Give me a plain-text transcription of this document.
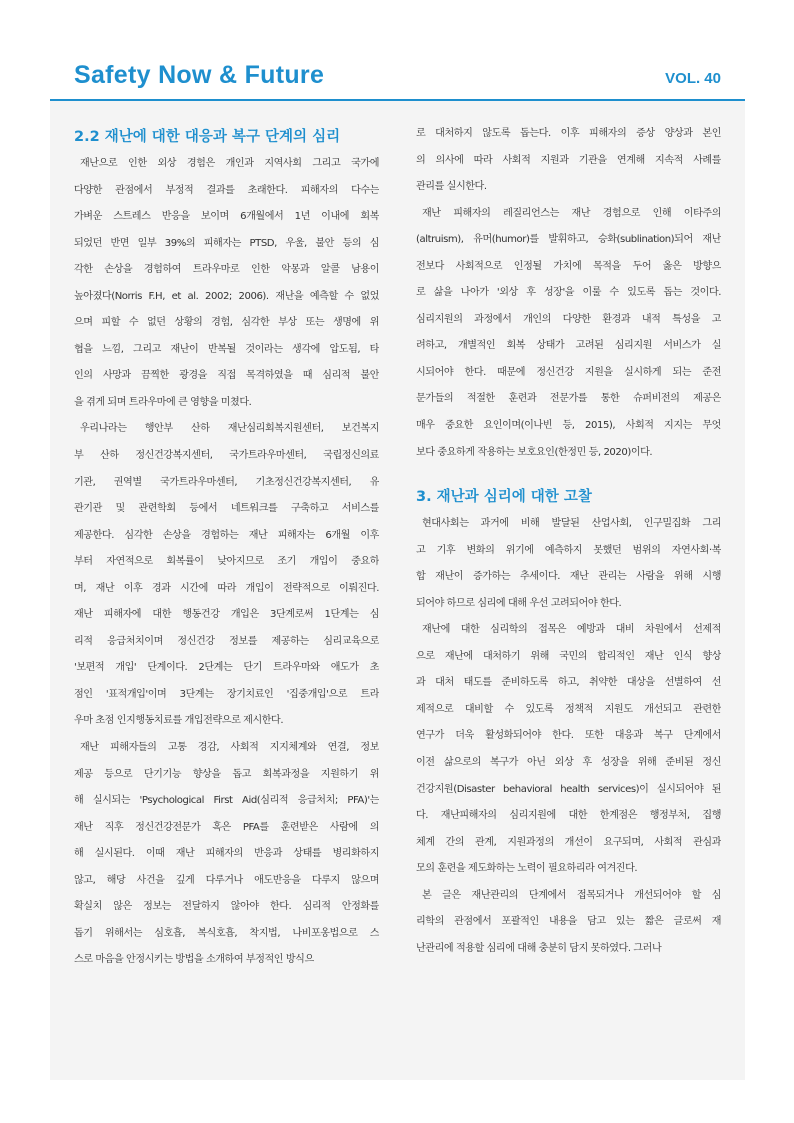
Safety Now & Future	VOL. 40
2.2 재난에 대한 대응과 복구 단계의 심리
재난으로 인한 외상 경험은 개인과 지역사회 그리고 국가에
다양한 관점에서 부정적 결과를 초래한다. 피해자의 다수는
가벼운 스트레스 반응을 보이며 6개월에서 1년 이내에 회복
되었던 반면 일부 39%의 피해자는 PTSD, 우울, 불안 등의 심
각한 손상을 경험하여 트라우마로 인한 악몽과 알콜 남용이
높아졌다(Norris F.H, et al. 2002; 2006). 재난을 예측할 수 없었
으며 피할 수 없던 상황의 경험, 심각한 부상 또는 생명에 위
협을 느낌, 그리고 재난이 반복될 것이라는 생각에 압도됨, 타
인의 사망과 끔찍한 광경을 직접 목격하였을 때 심리적 불안
을 겪게 되며 트라우마에 큰 영향을 미쳤다.
우리나라는 행안부 산하 재난심리회복지원센터, 보건복지
부 산하 정신건강복지센터, 국가트라우마센터, 국립정신의료
기관, 권역별 국가트라우마센터, 기초정신건강복지센터, 유
관기관 및 관련학회 등에서 네트워크를 구축하고 서비스를
제공한다. 심각한 손상을 경험하는 재난 피해자는 6개월 이후
부터 자연적으로 회복률이 낮아지므로 조기 개입이 중요하
며, 재난 이후 경과 시간에 따라 개입이 전략적으로 이뤄진다.
재난 피해자에 대한 행동건강 개입은 3단계로써 1단계는 심
리적 응급처치이며 정신건강 정보를 제공하는 심리교육으로
'보편적 개입' 단계이다. 2단계는 단기 트라우마와 애도가 초
점인 '표적개입'이며 3단계는 장기치료인 '집중개입'으로 트라
우마 초점 인지행동치료를 개입전략으로 제시한다.
재난 피해자들의 고통 경감, 사회적 지지체계와 연결, 정보
제공 등으로 단기기능 향상을 돕고 회복과정을 지원하기 위
해 실시되는 'Psychological First Aid(심리적 응급처치; PFA)'는
재난 직후 정신건강전문가 혹은 PFA를 훈련받은 사람에 의
해 실시된다. 이때 재난 피해자의 반응과 상태를 병리화하지
않고, 해당 사건을 깊게 다루거나 애도반응을 다루지 않으며
확실치 않은 정보는 전달하지 않아야 한다. 심리적 안정화를
돕기 위해서는 심호흡, 복식호흡, 착지법, 나비포옹법으로 스
스로 마음을 안정시키는 방법을 소개하여 부정적인 방식으
로 대처하지 않도록 돕는다. 이후 피해자의 증상 양상과 본인
의 의사에 따라 사회적 지원과 기관을 연계해 지속적 사례를
관리를 실시한다.
재난 피해자의 레질리언스는 재난 경험으로 인해 이타주의
(altruism), 유머(humor)를 발휘하고, 승화(sublination)되어 재난
전보다 사회적으로 인정될 가치에 목적을 두어 옳은 방향으
로 삶을 나아가 '외상 후 성장'을 이룰 수 있도록 돕는 것이다.
심리지원의 과정에서 개인의 다양한 환경과 내적 특성을 고
려하고, 개별적인 회복 상태가 고려된 심리지원 서비스가 실
시되어야 한다. 때문에 정신건강 지원을 실시하게 되는 준전
문가들의 적절한 훈련과 전문가를 통한 슈퍼비전의 제공은
매우 중요한 요인이며(이나빈 등, 2015), 사회적 지지는 무엇
보다 중요하게 작용하는 보호요인(한정민 등, 2020)이다.
3. 재난과 심리에 대한 고찰
현대사회는 과거에 비해 발달된 산업사회, 인구밀집화 그리
고 기후 변화의 위기에 예측하지 못했던 범위의 자연사회·복
합 재난이 증가하는 추세이다. 재난 관리는 사람을 위해 시행
되어야 하므로 심리에 대해 우선 고려되어야 한다.
재난에 대한 심리학의 접목은 예방과 대비 차원에서 선제적
으로 재난에 대처하기 위해 국민의 합리적인 재난 인식 향상
과 대처 태도를 준비하도록 하고, 취약한 대상을 선별하여 선
제적으로 대비할 수 있도록 정책적 지원도 개선되고 관련한
연구가 더욱 활성화되어야 한다. 또한 대응과 복구 단계에서
이전 삶으로의 복구가 아닌 외상 후 성장을 위해 준비된 정신
건강지원(Disaster behavioral health services)이 실시되어야 된
다. 재난피해자의 심리지원에 대한 한계점은 행정부처, 집행
체계 간의 관계, 지원과정의 개선이 요구되며, 사회적 관심과
모의 훈련을 제도화하는 노력이 필요하리라 여겨진다.
본 글은 재난관리의 단계에서 접목되거나 개선되어야 할 심
리학의 관점에서 포괄적인 내용을 담고 있는 짧은 글로써 재
난관리에 적용할 심리에 대해 충분히 담지 못하였다. 그러나
